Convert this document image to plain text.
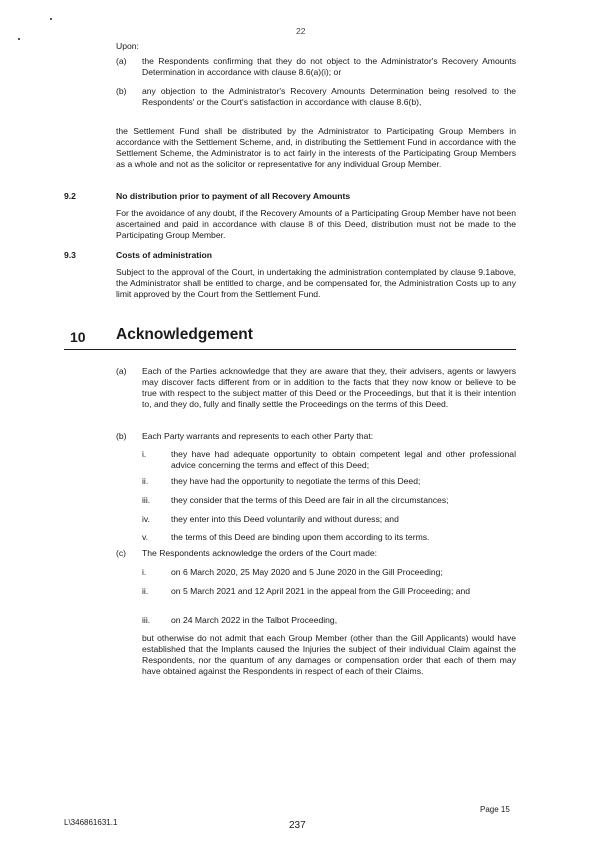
22
Upon:
(a) the Respondents confirming that they do not object to the Administrator's Recovery Amounts Determination in accordance with clause 8.6(a)(i); or
(b) any objection to the Administrator's Recovery Amounts Determination being resolved to the Respondents' or the Court's satisfaction in accordance with clause 8.6(b),
the Settlement Fund shall be distributed by the Administrator to Participating Group Members in accordance with the Settlement Scheme, and, in distributing the Settlement Fund in accordance with the Settlement Scheme, the Administrator is to act fairly in the interests of the Participating Group Members as a whole and not as the solicitor or representative for any individual Group Member.
9.2	No distribution prior to payment of all Recovery Amounts
For the avoidance of any doubt, if the Recovery Amounts of a Participating Group Member have not been ascertained and paid in accordance with clause 8 of this Deed, distribution must not be made to the Participating Group Member.
9.3	Costs of administration
Subject to the approval of the Court, in undertaking the administration contemplated by clause 9.1above, the Administrator shall be entitled to charge, and be compensated for, the Administration Costs up to any limit approved by the Court from the Settlement Fund.
10 Acknowledgement
(a) Each of the Parties acknowledge that they are aware that they, their advisers, agents or lawyers may discover facts different from or in addition to the facts that they now know or believe to be true with respect to the subject matter of this Deed or the Proceedings, but that it is their intention to, and they do, fully and finally settle the Proceedings on the terms of this Deed.
(b) Each Party warrants and represents to each other Party that:
i.	they have had adequate opportunity to obtain competent legal and other professional advice concerning the terms and effect of this Deed;
ii.	they have had the opportunity to negotiate the terms of this Deed;
iii.	they consider that the terms of this Deed are fair in all the circumstances;
iv.	they enter into this Deed voluntarily and without duress; and
v.	the terms of this Deed are binding upon them according to its terms.
(c) The Respondents acknowledge the orders of the Court made:
i.	on 6 March 2020, 25 May 2020 and 5 June 2020 in the Gill Proceeding;
ii.	on 5 March 2021 and 12 April 2021 in the appeal from the Gill Proceeding; and
iii.	on 24 March 2022 in the Talbot Proceeding,
but otherwise do not admit that each Group Member (other than the Gill Applicants) would have established that the Implants caused the Injuries the subject of their individual Claim against the Respondents, nor the quantum of any damages or compensation order that each of them may have obtained against the Respondents in respect of each of their Claims.
Page 15
L\346861631.1	237
